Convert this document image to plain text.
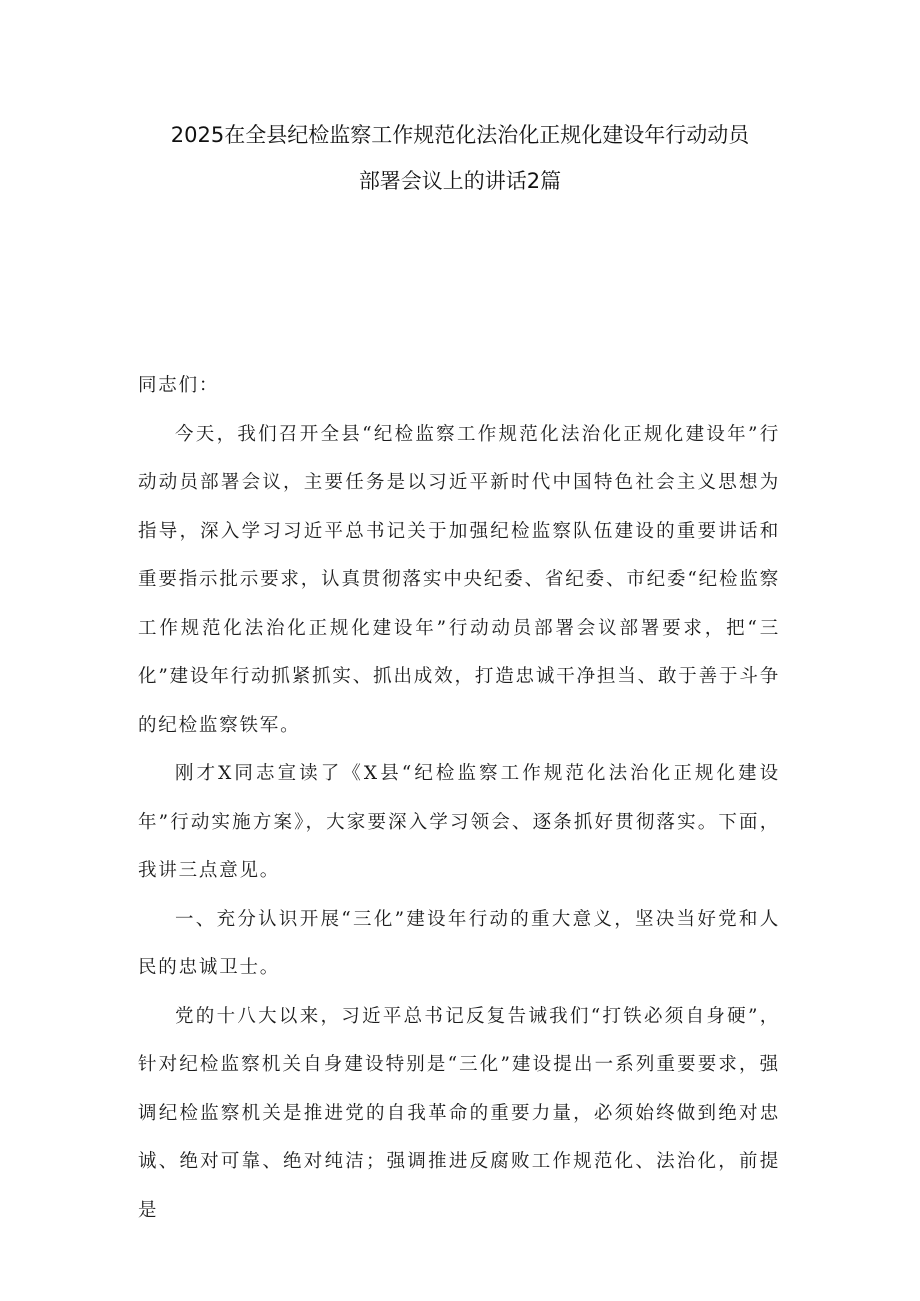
2025在全县纪检监察工作规范化法治化正规化建设年行动动员
部署会议上的讲话2篇

同志们：

今天，我们召开全县“纪检监察工作规范化法治化正规化建设年”行动动员部署会议，主要任务是以习近平新时代中国特色社会主义思想为指导，深入学习习近平总书记关于加强纪检监察队伍建设的重要讲话和重要指示批示要求，认真贯彻落实中央纪委、省纪委、市纪委“纪检监察工作规范化法治化正规化建设年”行动动员部署会议部署要求，把“三化”建设年行动抓紧抓实、抓出成效，打造忠诚干净担当、敢于善于斗争的纪检监察铁军。

刚才X同志宣读了《X县“纪检监察工作规范化法治化正规化建设年”行动实施方案》，大家要深入学习领会、逐条抓好贯彻落实。下面，我讲三点意见。

一、充分认识开展“三化”建设年行动的重大意义，坚决当好党和人民的忠诚卫士。

党的十八大以来，习近平总书记反复告诫我们“打铁必须自身硬”，针对纪检监察机关自身建设特别是“三化”建设提出一系列重要要求，强调纪检监察机关是推进党的自我革命的重要力量，必须始终做到绝对忠诚、绝对可靠、绝对纯洁；强调推进反腐败工作规范化、法治化，前提是
